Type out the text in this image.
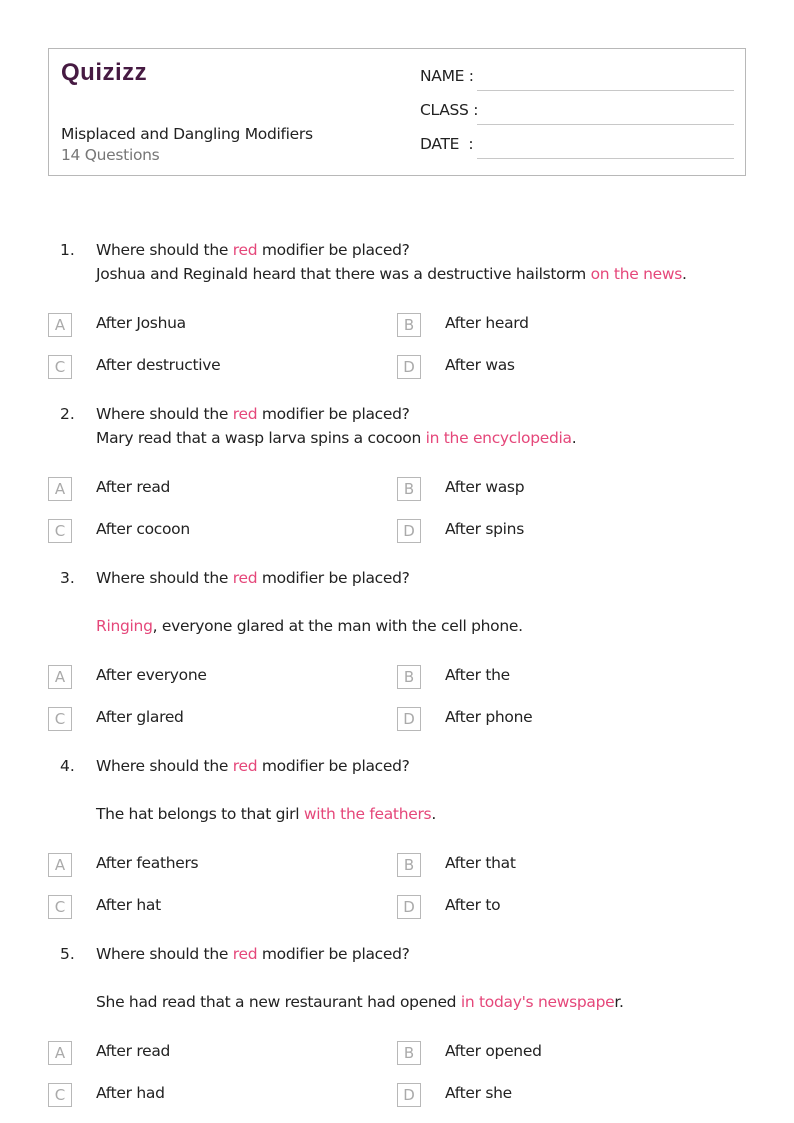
Quizizz
Misplaced and Dangling Modifiers
14 Questions
NAME :
CLASS :
DATE  :
1. Where should the red modifier be placed?
Joshua and Reginald heard that there was a destructive hailstorm on the news.
A	After Joshua	B	After heard
C	After destructive	D	After was
2. Where should the red modifier be placed?
Mary read that a wasp larva spins a cocoon in the encyclopedia.
A	After read	B	After wasp
C	After cocoon	D	After spins
3. Where should the red modifier be placed?
Ringing, everyone glared at the man with the cell phone.
A	After everyone	B	After the
C	After glared	D	After phone
4. Where should the red modifier be placed?
The hat belongs to that girl with the feathers.
A	After feathers	B	After that
C	After hat	D	After to
5. Where should the red modifier be placed?
She had read that a new restaurant had opened in today's newspaper.
A	After read	B	After opened
C	After had	D	After she
